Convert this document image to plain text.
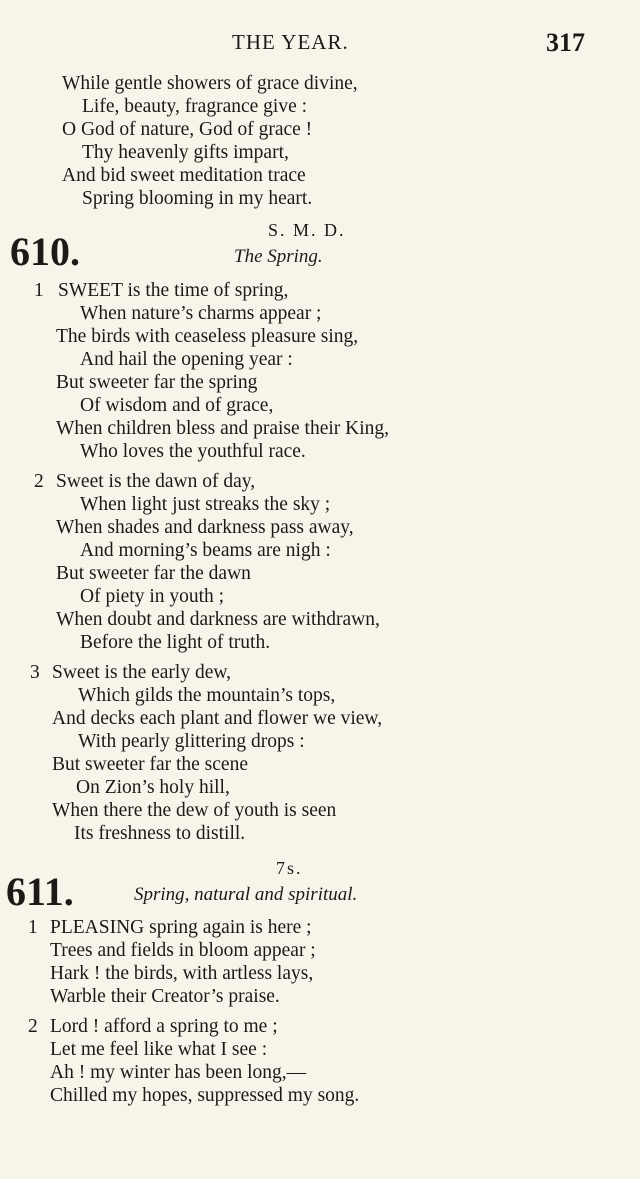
THE YEAR.	317
While gentle showers of grace divine,
Life, beauty, fragrance give :
O God of nature, God of grace !
Thy heavenly gifts impart,
And bid sweet meditation trace
Spring blooming in my heart.
610.	S. M. D.
The Spring.
1 SWEET is the time of spring,
When nature’s charms appear ;
The birds with ceaseless pleasure sing,
And hail the opening year :
But sweeter far the spring
Of wisdom and of grace,
When children bless and praise their King,
Who loves the youthful race.
2 Sweet is the dawn of day,
When light just streaks the sky ;
When shades and darkness pass away,
And morning’s beams are nigh :
But sweeter far the dawn
Of piety in youth ;
When doubt and darkness are withdrawn,
Before the light of truth.
3 Sweet is the early dew,
Which gilds the mountain’s tops,
And decks each plant and flower we view,
With pearly glittering drops :
But sweeter far the scene
On Zion’s holy hill,
When there the dew of youth is seen
Its freshness to distill.
7s.
611.	Spring, natural and spiritual.
1 PLEASING spring again is here ;
Trees and fields in bloom appear ;
Hark ! the birds, with artless lays,
Warble their Creator’s praise.
2 Lord ! afford a spring to me ;
Let me feel like what I see :
Ah ! my winter has been long,—
Chilled my hopes, suppressed my song.
